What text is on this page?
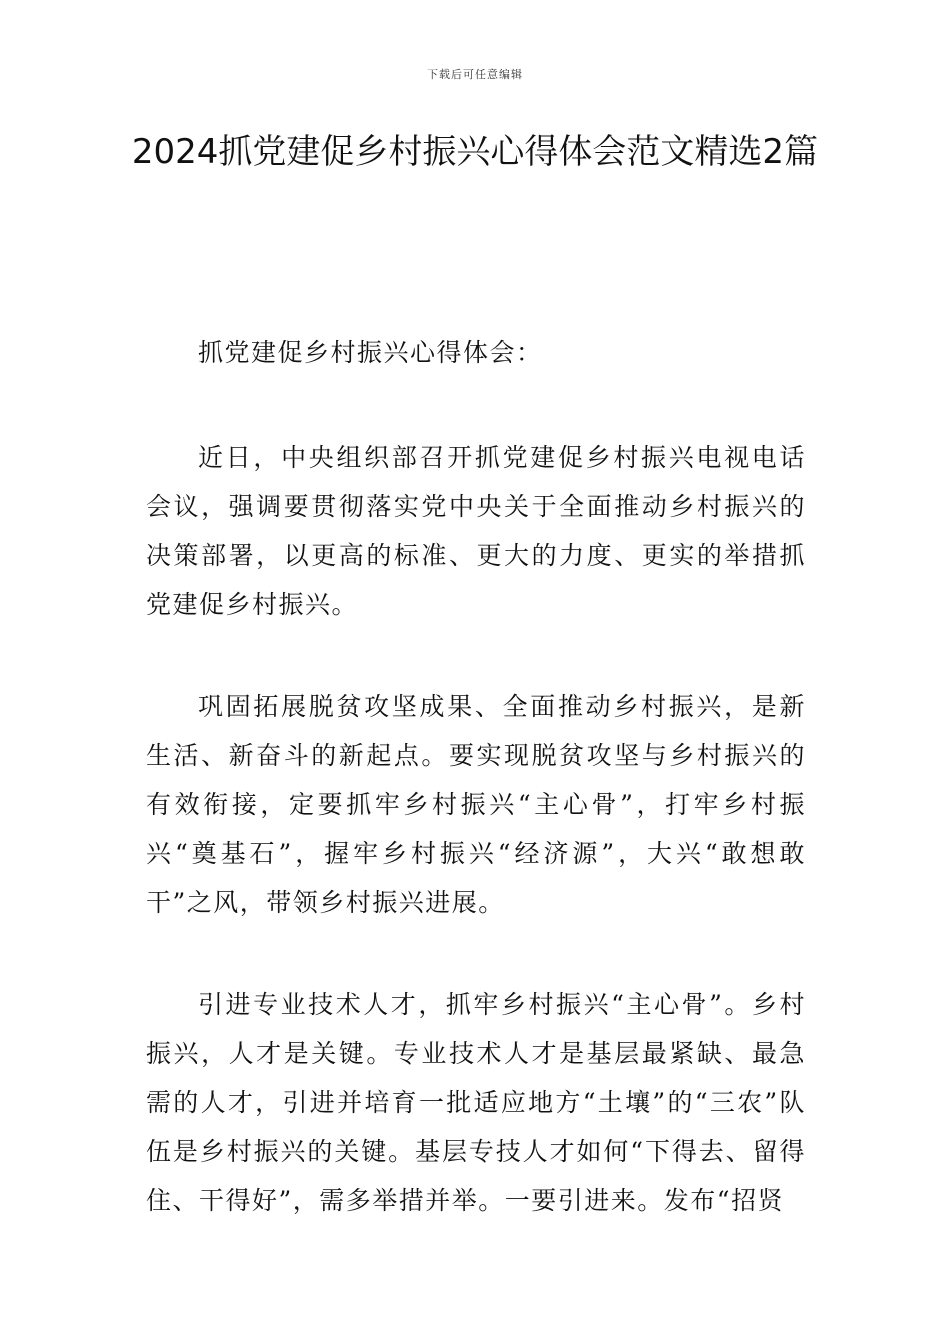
下载后可任意编辑
2024抓党建促乡村振兴心得体会范文精选2篇

抓党建促乡村振兴心得体会：

近日，中央组织部召开抓党建促乡村振兴电视电话会议，强调要贯彻落实党中央关于全面推动乡村振兴的决策部署，以更高的标准、更大的力度、更实的举措抓党建促乡村振兴。

巩固拓展脱贫攻坚成果、全面推动乡村振兴，是新生活、新奋斗的新起点。要实现脱贫攻坚与乡村振兴的有效衔接，定要抓牢乡村振兴“主心骨”，打牢乡村振兴“奠基石”，握牢乡村振兴“经济源”，大兴“敢想敢干”之风，带领乡村振兴进展。

引进专业技术人才，抓牢乡村振兴“主心骨”。乡村振兴，人才是关键。专业技术人才是基层最紧缺、最急需的人才，引进并培育一批适应地方“土壤”的“三农”队伍是乡村振兴的关键。基层专技人才如何“下得去、留得住、干得好”，需多举措并举。一要引进来。发布“招贤
